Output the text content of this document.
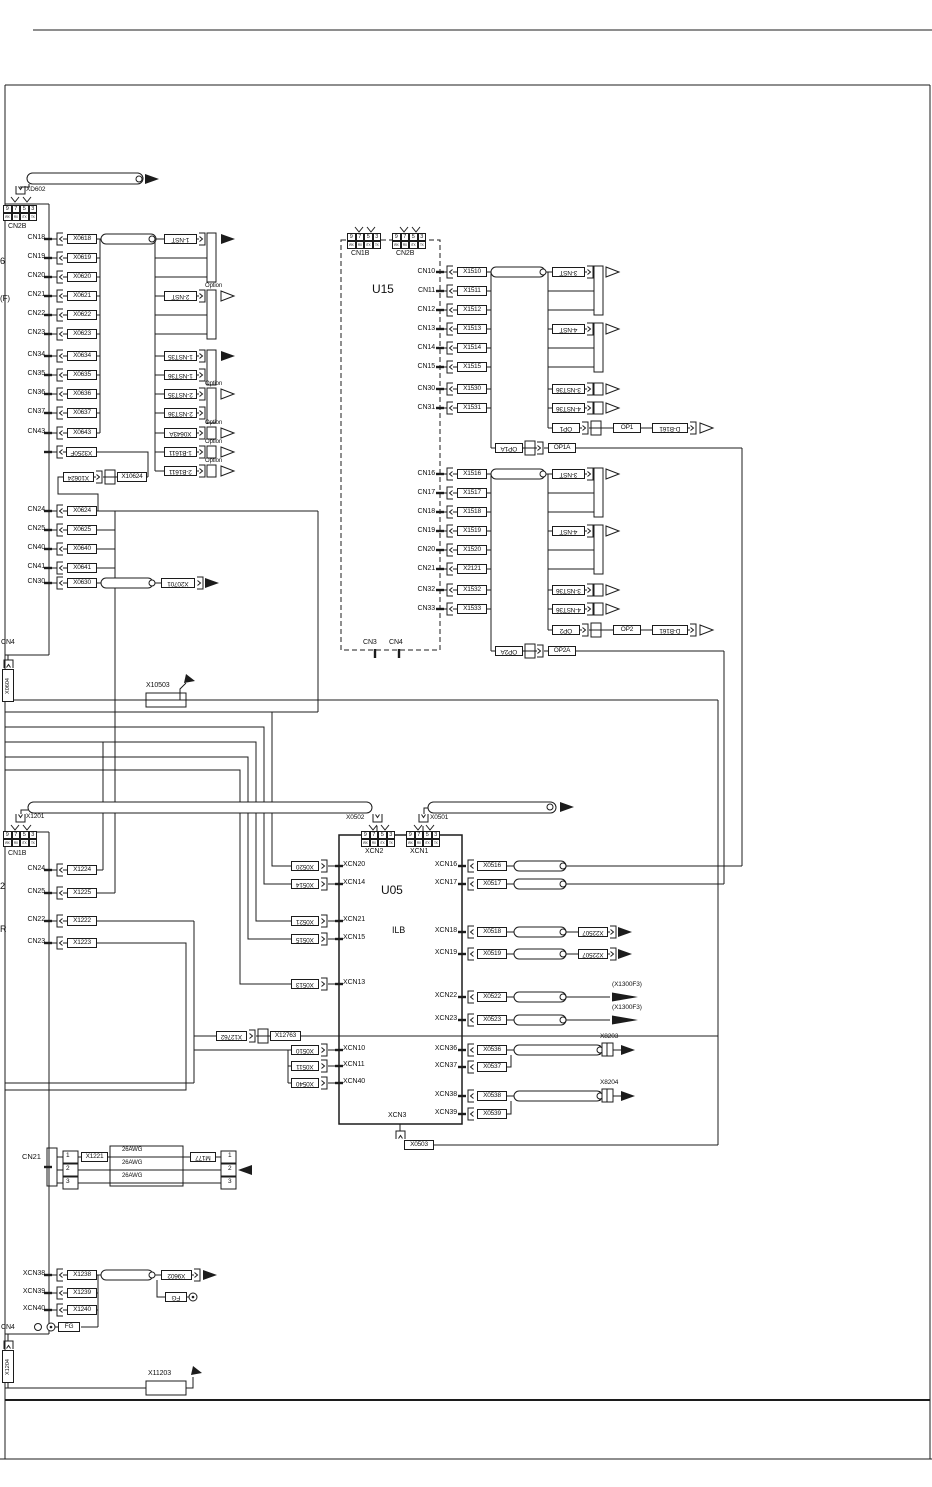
X0618
X0619
X0620
X0621
X0622
X0623
X0634
X0635
X0636
X0637
X0643
1-NST
2-NST
1-NST35
1-NST36
2-NST35
2-NST36
X0643A
1-B1611
2-B1611
X3250F
X10624	X10624
X0624
X0625
X0640
X0641
X0630	X20701
X1510
X1511
X1512
X1513
X1514
X1515
X1530
X1531
X1516
X1517
X1518
X1519
X1520
X2121
X1532
X1533
3-NST
4-NST
3-NST36
4-NST36
OP1	OP1	D-B161
OP1A	OP1A
3-NST
4-NST
3-NST36
4-NST36
OP2	OP2	D-B161
OP2A	OP2A
X1224
X1225
X1222
X1223
X0520
X0514
X0521
X0515
X0513
X0510
X0511
X0540
X12762	X12763
X0516
X0517
X0518
X0519
X0522
X0523
X0536
X0537
X0538
X0539
X22507
X22507
X0503
X1221	M177
X1238
X1239
X1240
X9602
FG
FG
XD602
CN2B
CN18
CN19
CN20
CN21
CN22
CN23
CN34
CN35
CN36
CN37
CN43
CN24
CN25
CN40
CN41
CN30
6
(F)
Option
Option
Option
Option
Option
CN4
CN1B	CN2B
U15
CN10
CN11
CN12
CN13
CN14
CN15
CN30
CN31
CN16
CN17
CN18
CN19
CN20
CN21
CN32
CN33
CN3 CN4
X10503
X1201	X0502	X0501
CN1B	XCN2	XCN1
CN24
CN25
CN22
CN23
2
R
U05
ILB
XCN20
XCN14
XCN21
XCN15
XCN13
XCN10
XCN11
XCN40
XCN16
XCN17
XCN18
XCN19
XCN22
XCN23
XCN36
XCN37
XCN38
XCN39
XCN3
(X1300F3)
(X1300F3)
X8203
X8204
CN21
26AWG
26AWG
26AWG
1
2
3
1
2
3
XCN38
XCN39
XCN40
CN4
X11203
9 7 5 3
/RX	RX	/TX	TX
9 7 5 3
/RX	RX	/TX	TX
9 7 5 3
/RX	RX	/TX	TX
9 7 5 3
/RX	RX	/TX	TX
9 7 5 3
/RX	RX	/TX	TX
9 7 5 3
/RX	RX	/TX	TX
X0604
X1204
